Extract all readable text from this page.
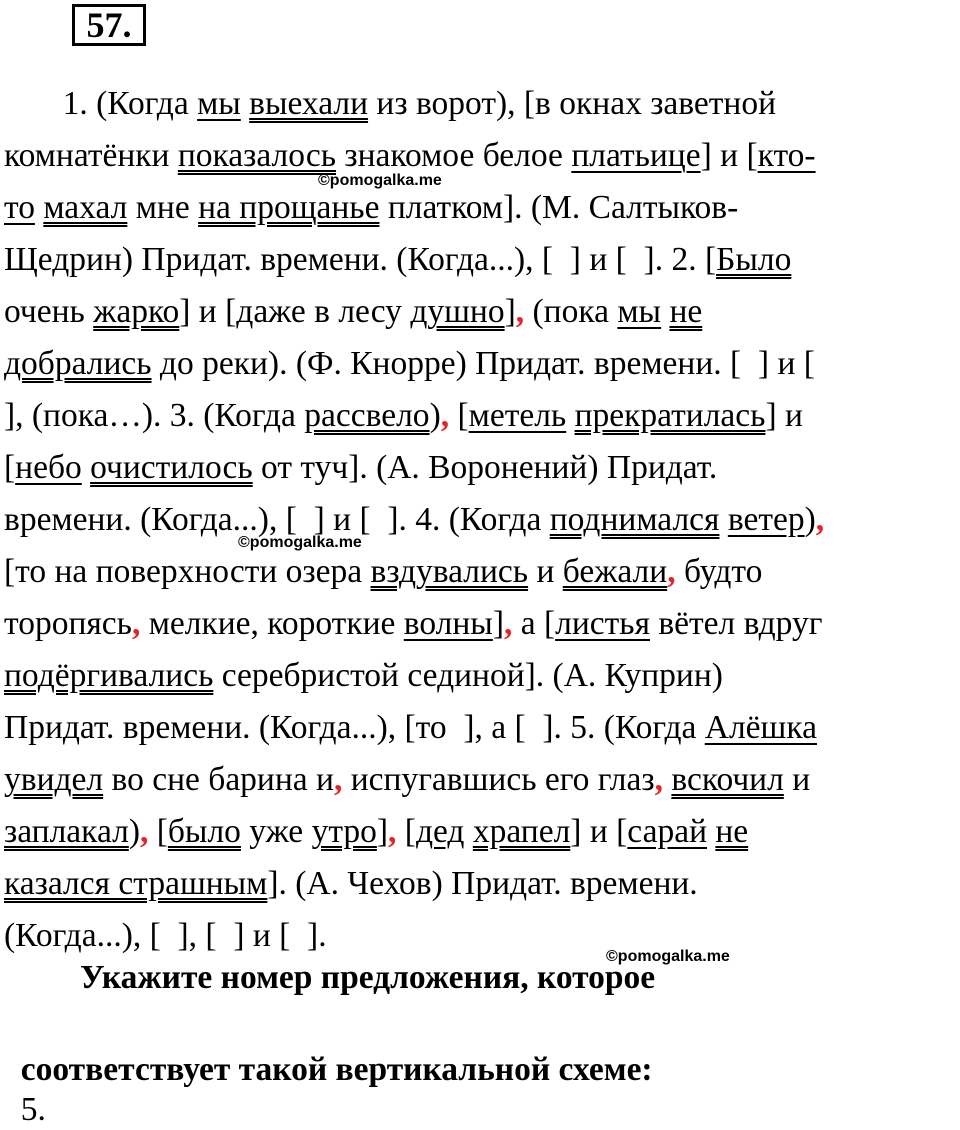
57.
1. (Когда мы выехали из ворот), [в окнах заветной
комнатёнки показалось знакомое белое платьице] и [кто-
то махал мне на прощанье платком]. (М. Салтыков-
Щедрин) Придат. времени. (Когда...), [  ] и [  ]. 2. [Было
очень жарко] и [даже в лесу душно], (пока мы не
добрались до реки). (Ф. Кнорре) Придат. времени. [  ] и [
], (пока…). 3. (Когда рассвело), [метель прекратилась] и
[небо очистилось от туч]. (А. Воронений) Придат.
времени. (Когда...), [  ] и [  ]. 4. (Когда поднимался ветер),
[то на поверхности озера вздувались и бежали, будто
торопясь, мелкие, короткие волны], а [листья вётел вдруг
подёргивались серебристой сединой]. (А. Куприн)
Придат. времени. (Когда...), [то  ], а [  ]. 5. (Когда Алёшка
увидел во сне барина и, испугавшись его глаз, вскочил и
заплакал), [было уже утро], [дед храпел] и [сарай не
казался страшным]. (А. Чехов) Придат. времени.
(Когда...), [  ], [  ] и [  ].
©pomogalka.me
©pomogalka.me
©pomogalka.me
Укажите номер предложения, которое

соответствует такой вертикальной схеме:
5.
